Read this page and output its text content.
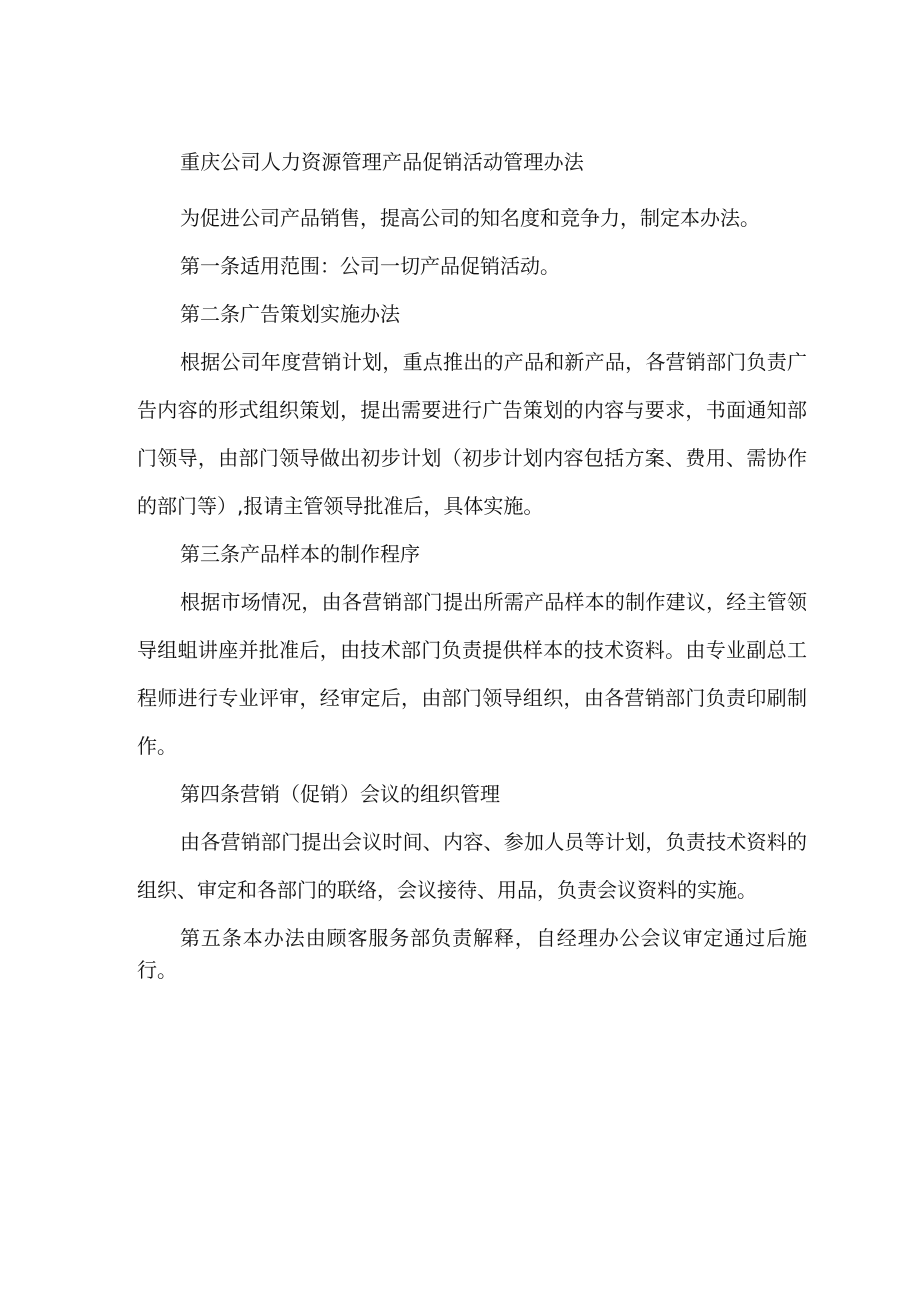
重庆公司人力资源管理产品促销活动管理办法

为促进公司产品销售，提高公司的知名度和竞争力，制定本办法。

第一条适用范围：公司一切产品促销活动。

第二条广告策划实施办法

根据公司年度营销计划，重点推出的产品和新产品，各营销部门负责广告内容的形式组织策划，提出需要进行广告策划的内容与要求，书面通知部门领导，由部门领导做出初步计划（初步计划内容包括方案、费用、需协作的部门等）,报请主管领导批准后，具体实施。

第三条产品样本的制作程序

根据市场情况，由各营销部门提出所需产品样本的制作建议，经主管领导组蛆讲座并批准后，由技术部门负责提供样本的技术资料。由专业副总工程师进行专业评审，经审定后，由部门领导组织，由各营销部门负责印刷制作。

第四条营销（促销）会议的组织管理

由各营销部门提出会议时间、内容、参加人员等计划，负责技术资料的组织、审定和各部门的联络，会议接待、用品，负责会议资料的实施。

第五条本办法由顾客服务部负责解释，自经理办公会议审定通过后施行。
